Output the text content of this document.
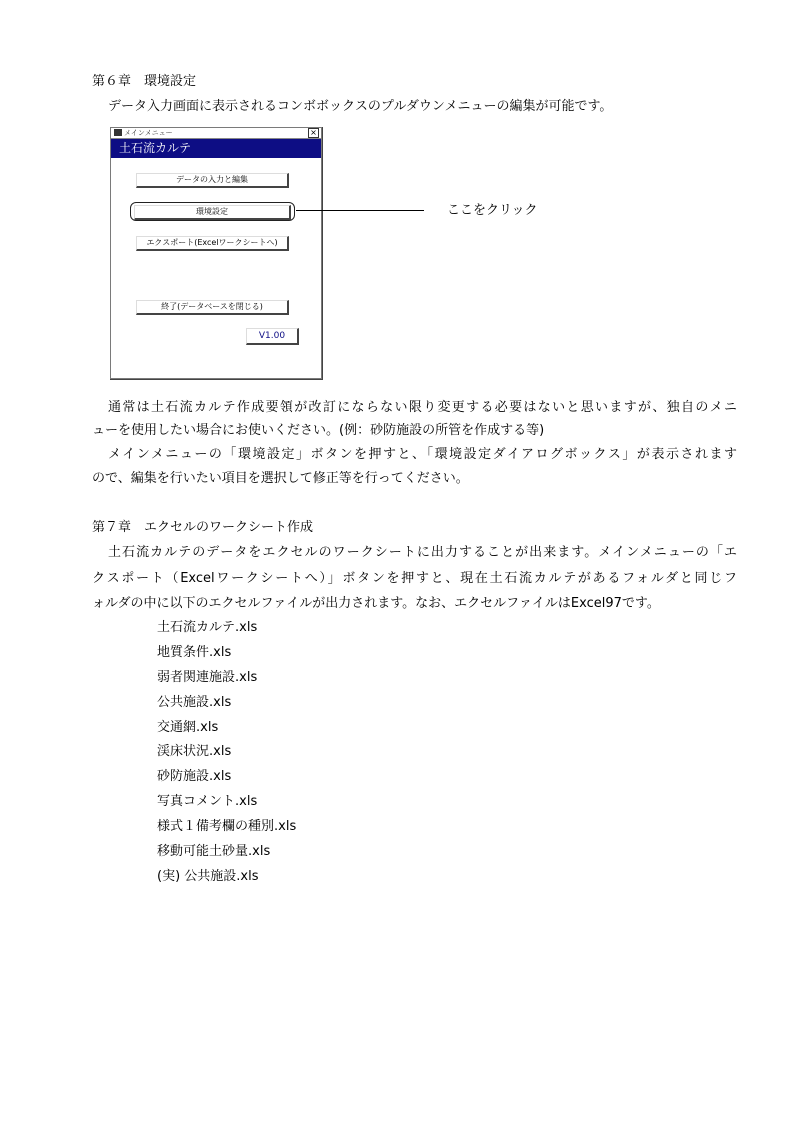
第６章　環境設定
データ入力画面に表示されるコンボボックスのプルダウンメニューの編集が可能です。
メインメニュー	×
土石流カルテ
データの入力と編集
環境設定
エクスポート(Excelワークシートへ)
終了(データベースを閉じる)
V1.00
ここをクリック
通常は土石流カルテ作成要領が改訂にならない限り変更する必要はないと思いますが、独自のメニ
ューを使用したい場合にお使いください。(例：砂防施設の所管を作成する等)
メインメニューの「環境設定」ボタンを押すと、「環境設定ダイアログボックス」が表示されます
ので、編集を行いたい項目を選択して修正等を行ってください。
第７章　エクセルのワークシート作成
土石流カルテのデータをエクセルのワークシートに出力することが出来ます。メインメニューの「エ
クスポート（Excelワークシートへ）」ボタンを押すと、現在土石流カルテがあるフォルダと同じフ
ォルダの中に以下のエクセルファイルが出力されます。なお、エクセルファイルはExcel97です。
土石流カルテ.xls
地質条件.xls
弱者関連施設.xls
公共施設.xls
交通網.xls
渓床状況.xls
砂防施設.xls
写真コメント.xls
様式１備考欄の種別.xls
移動可能土砂量.xls
(実) 公共施設.xls
